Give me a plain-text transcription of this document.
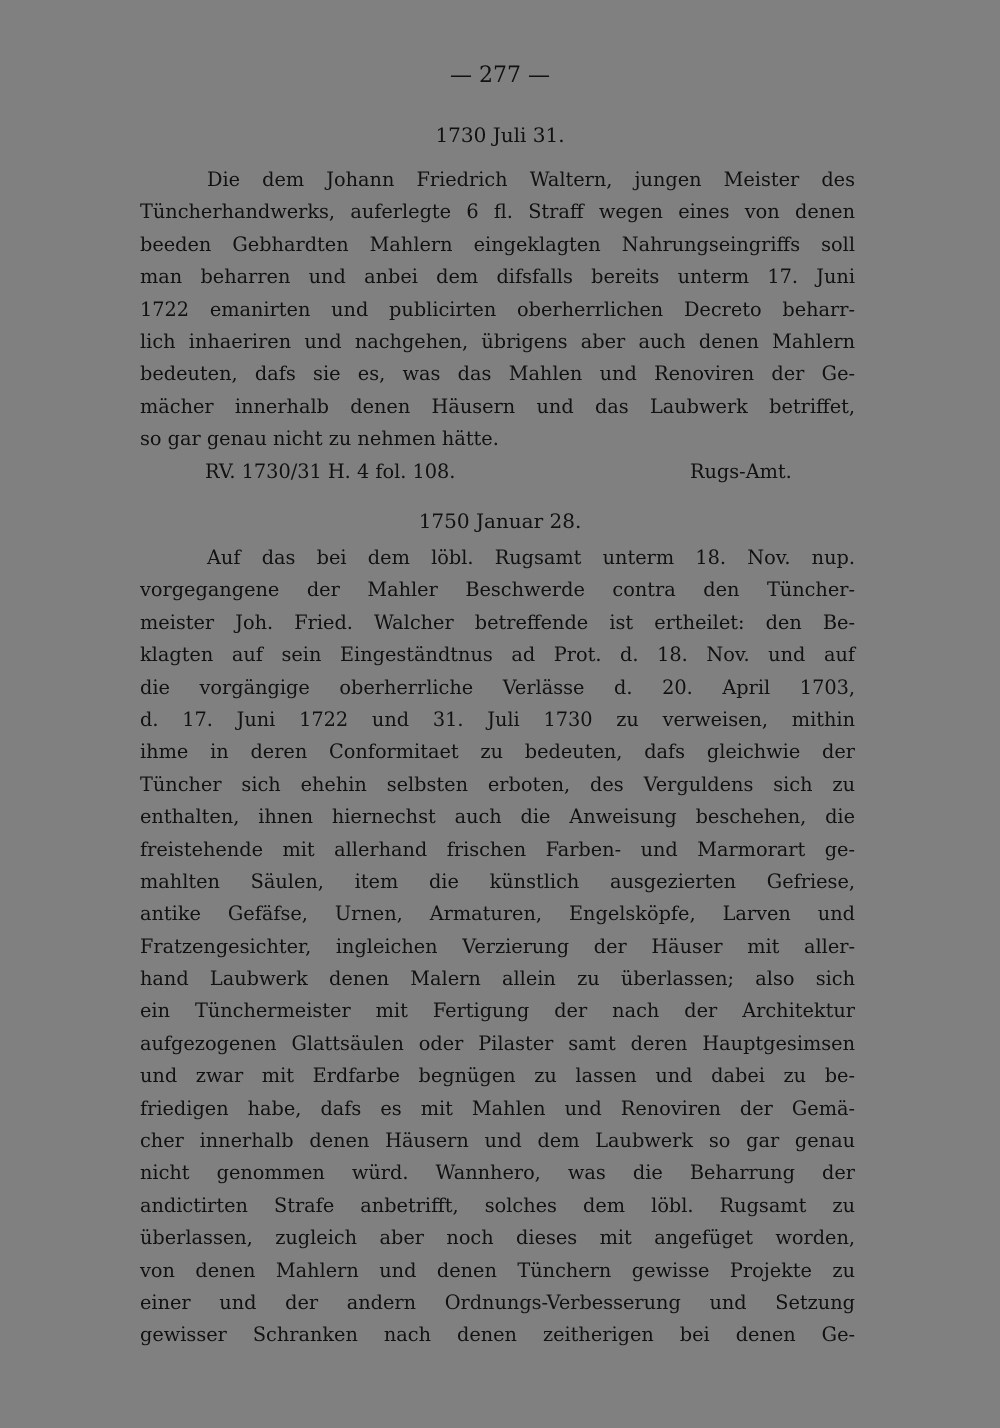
— 277 —
1730 Juli 31.
Die dem Johann Friedrich Waltern, jungen Meister des
Tüncherhandwerks, auferlegte 6 fl. Straff wegen eines von denen
beeden Gebhardten Mahlern eingeklagten Nahrungseingriffs soll
man beharren und anbei dem difsfalls bereits unterm 17. Juni
1722 emanirten und publicirten oberherrlichen Decreto beharr-
lich inhaeriren und nachgehen, übrigens aber auch denen Mahlern
bedeuten, dafs sie es, was das Mahlen und Renoviren der Ge-
mächer innerhalb denen Häusern und das Laubwerk betriffet,
so gar genau nicht zu nehmen hätte.
RV. 1730/31 H. 4 fol. 108.	Rugs-Amt.
1750 Januar 28.
Auf das bei dem löbl. Rugsamt unterm 18. Nov. nup.
vorgegangene der Mahler Beschwerde contra den Tüncher-
meister Joh. Fried. Walcher betreffende ist ertheilet: den Be-
klagten auf sein Eingeständtnus ad Prot. d. 18. Nov. und auf
die vorgängige oberherrliche Verlässe d. 20. April 1703,
d. 17. Juni 1722 und 31. Juli 1730 zu verweisen, mithin
ihme in deren Conformitaet zu bedeuten, dafs gleichwie der
Tüncher sich ehehin selbsten erboten, des Verguldens sich zu
enthalten, ihnen hiernechst auch die Anweisung beschehen, die
freistehende mit allerhand frischen Farben- und Marmorart ge-
mahlten Säulen, item die künstlich ausgezierten Gefriese,
antike Gefäfse, Urnen, Armaturen, Engelsköpfe, Larven und
Fratzengesichter, ingleichen Verzierung der Häuser mit aller-
hand Laubwerk denen Malern allein zu überlassen; also sich
ein Tünchermeister mit Fertigung der nach der Architektur
aufgezogenen Glattsäulen oder Pilaster samt deren Hauptgesimsen
und zwar mit Erdfarbe begnügen zu lassen und dabei zu be-
friedigen habe, dafs es mit Mahlen und Renoviren der Gemä-
cher innerhalb denen Häusern und dem Laubwerk so gar genau
nicht genommen würd. Wannhero, was die Beharrung der
andictirten Strafe anbetrifft, solches dem löbl. Rugsamt zu
überlassen, zugleich aber noch dieses mit angefüget worden,
von denen Mahlern und denen Tünchern gewisse Projekte zu
einer und der andern Ordnungs-Verbesserung und Setzung
gewisser Schranken nach denen zeitherigen bei denen Ge-
